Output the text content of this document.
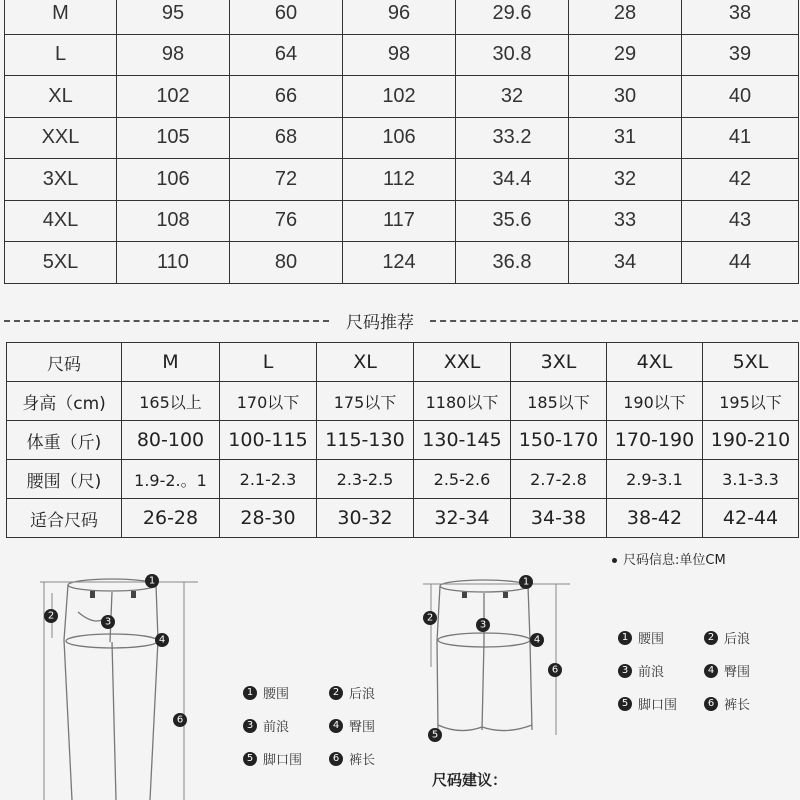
M	95	60	96	29.6	28	38
L	98	64	98	30.8	29	39
XL	102	66	102	32	30	40
XXL	105	68	106	33.2	31	41
3XL	106	72	112	34.4	32	42
4XL	108	76	117	35.6	33	43
5XL	110	80	124	36.8	34	44
尺码推荐
尺码	M	L	XL	XXL	3XL	4XL	5XL
身高（cm)	165以上	170以下	175以下	1180以下	185以下	190以下	195以下
体重（斤)	80-100	100-115	115-130	130-145	150-170	170-190	190-210
腰围（尺)	1.9-2.。1	2.1-2.3	2.3-2.5	2.5-2.6	2.7-2.8	2.9-3.1	3.1-3.3
适合尺码	26-28	28-30	30-32	32-34	34-38	38-42	42-44
尺码信息:单位CM
1
2
3
4
6
1
2
3
4
6
5
1 腰围	2 后浪
3 前浪	4 臀围
5 脚口围	6 裤长
1 腰围	2 后浪
3 前浪	4 臀围
5 脚口围	6 裤长
尺码建议：
